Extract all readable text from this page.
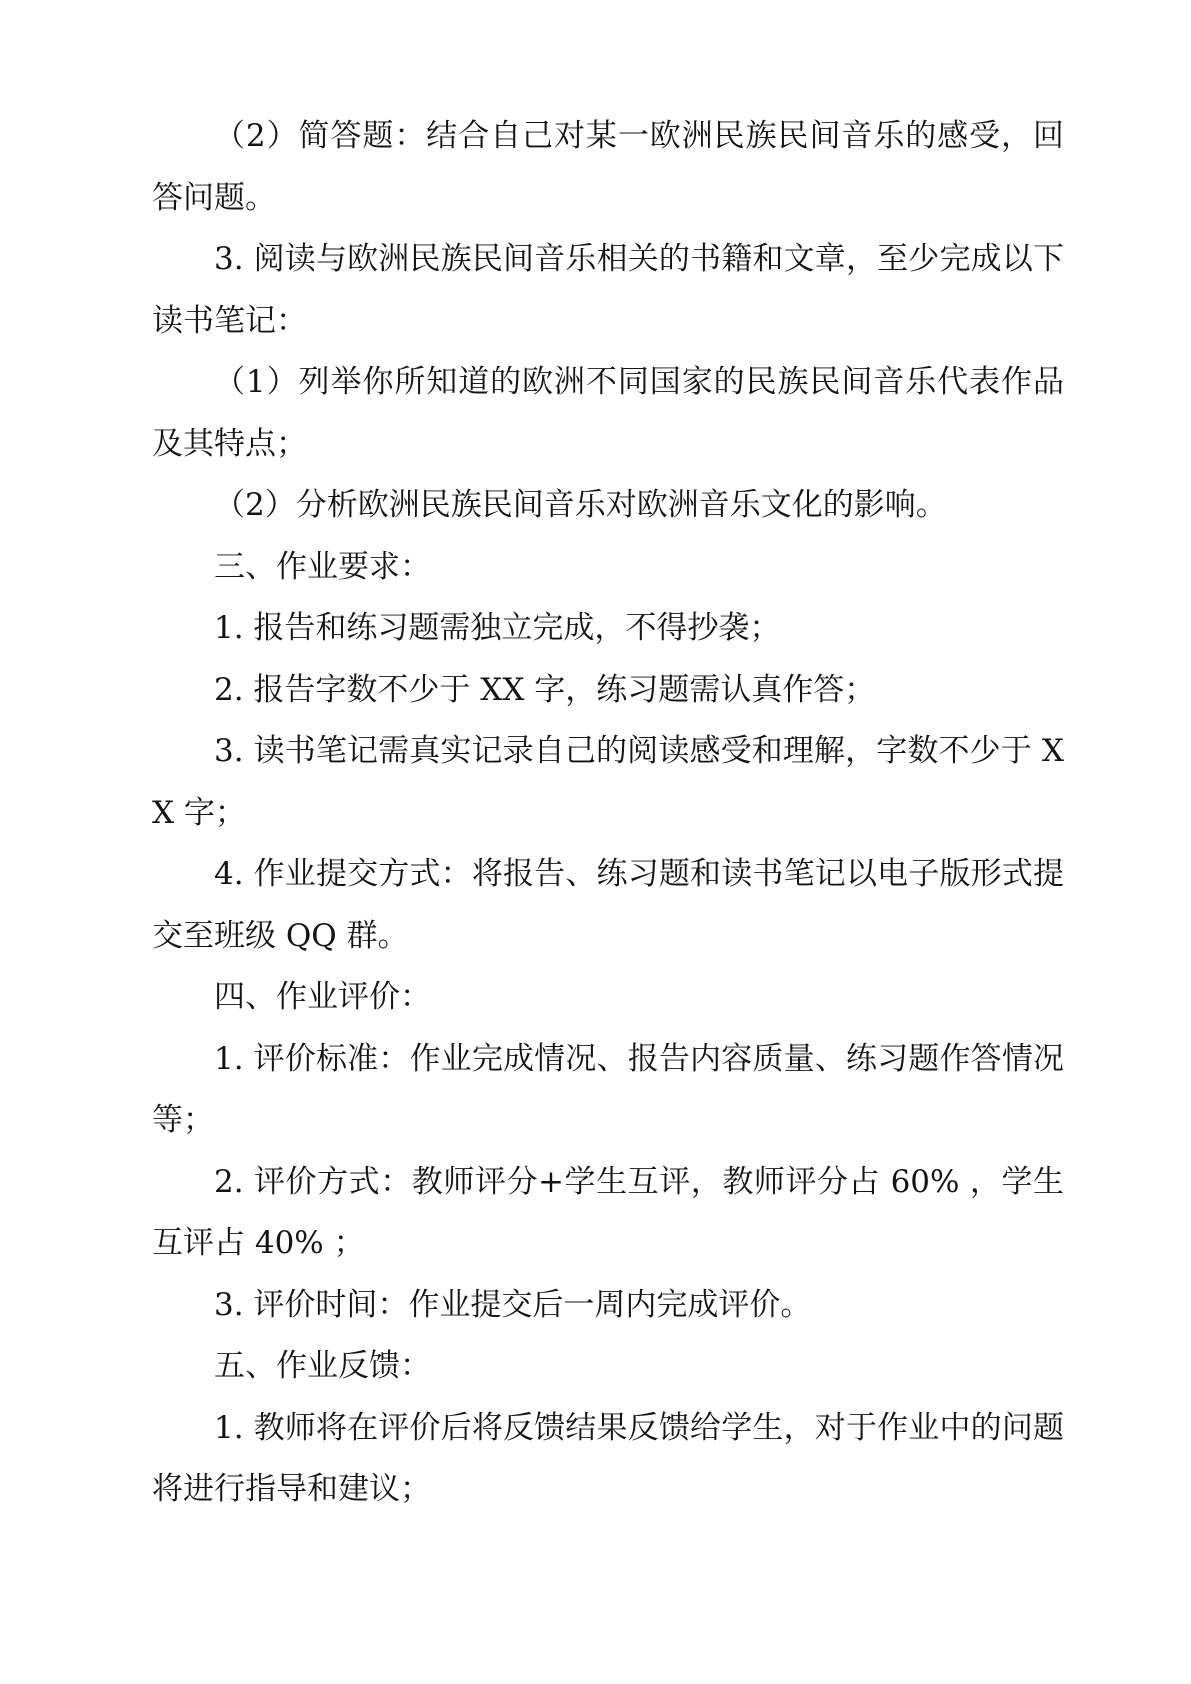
（2）简答题：结合自己对某一欧洲民族民间音乐的感受，回答问题。

3. 阅读与欧洲民族民间音乐相关的书籍和文章，至少完成以下读书笔记：

（1）列举你所知道的欧洲不同国家的民族民间音乐代表作品及其特点；

（2）分析欧洲民族民间音乐对欧洲音乐文化的影响。

三、作业要求：

1. 报告和练习题需独立完成，不得抄袭；

2. 报告字数不少于 XX 字，练习题需认真作答；

3. 读书笔记需真实记录自己的阅读感受和理解，字数不少于 XX 字；

4. 作业提交方式：将报告、练习题和读书笔记以电子版形式提交至班级 QQ 群。

四、作业评价：

1. 评价标准：作业完成情况、报告内容质量、练习题作答情况等；

2. 评价方式：教师评分+学生互评，教师评分占 60% ，学生互评占 40% ；

3. 评价时间：作业提交后一周内完成评价。

五、作业反馈：

1. 教师将在评价后将反馈结果反馈给学生，对于作业中的问题将进行指导和建议；
